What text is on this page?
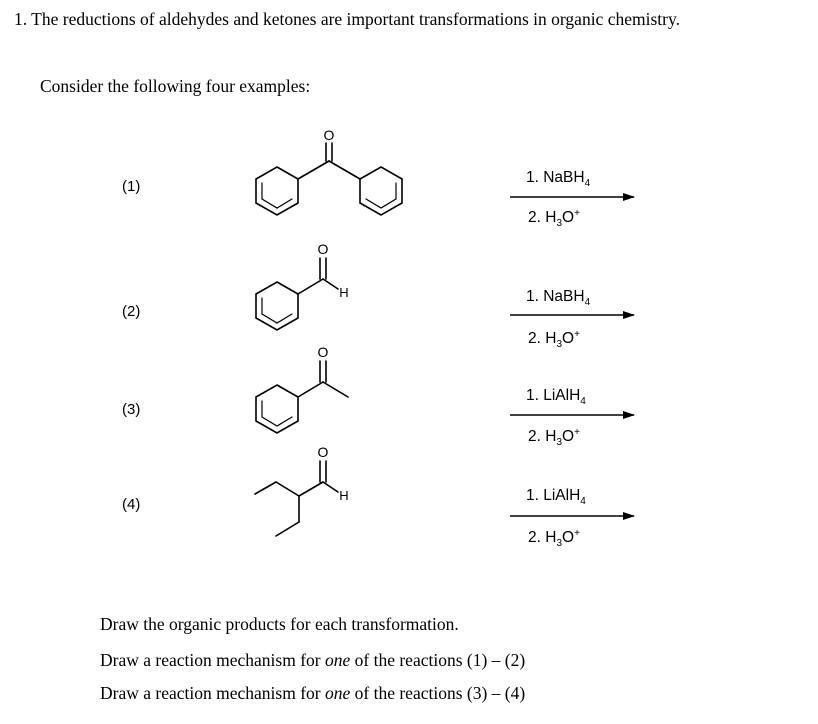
1. The reductions of aldehydes and ketones are important transformations in organic chemistry.
Consider the following four examples:
(1)
(2)
(3)
(4)
O
O
H
O
O
H
1. NaBH$_4$
2. $H_3O^+$
1. NaBH$_4$
2. $H_3O^+$
1. LiAlH$_4$
2. $H_3O^+$
1. LiAlH$_4$
2. $H_3O^+$
Draw the organic products for each transformation.
Draw a reaction mechanism for one of the reactions (1) – (2)
Draw a reaction mechanism for one of the reactions (3) – (4)
